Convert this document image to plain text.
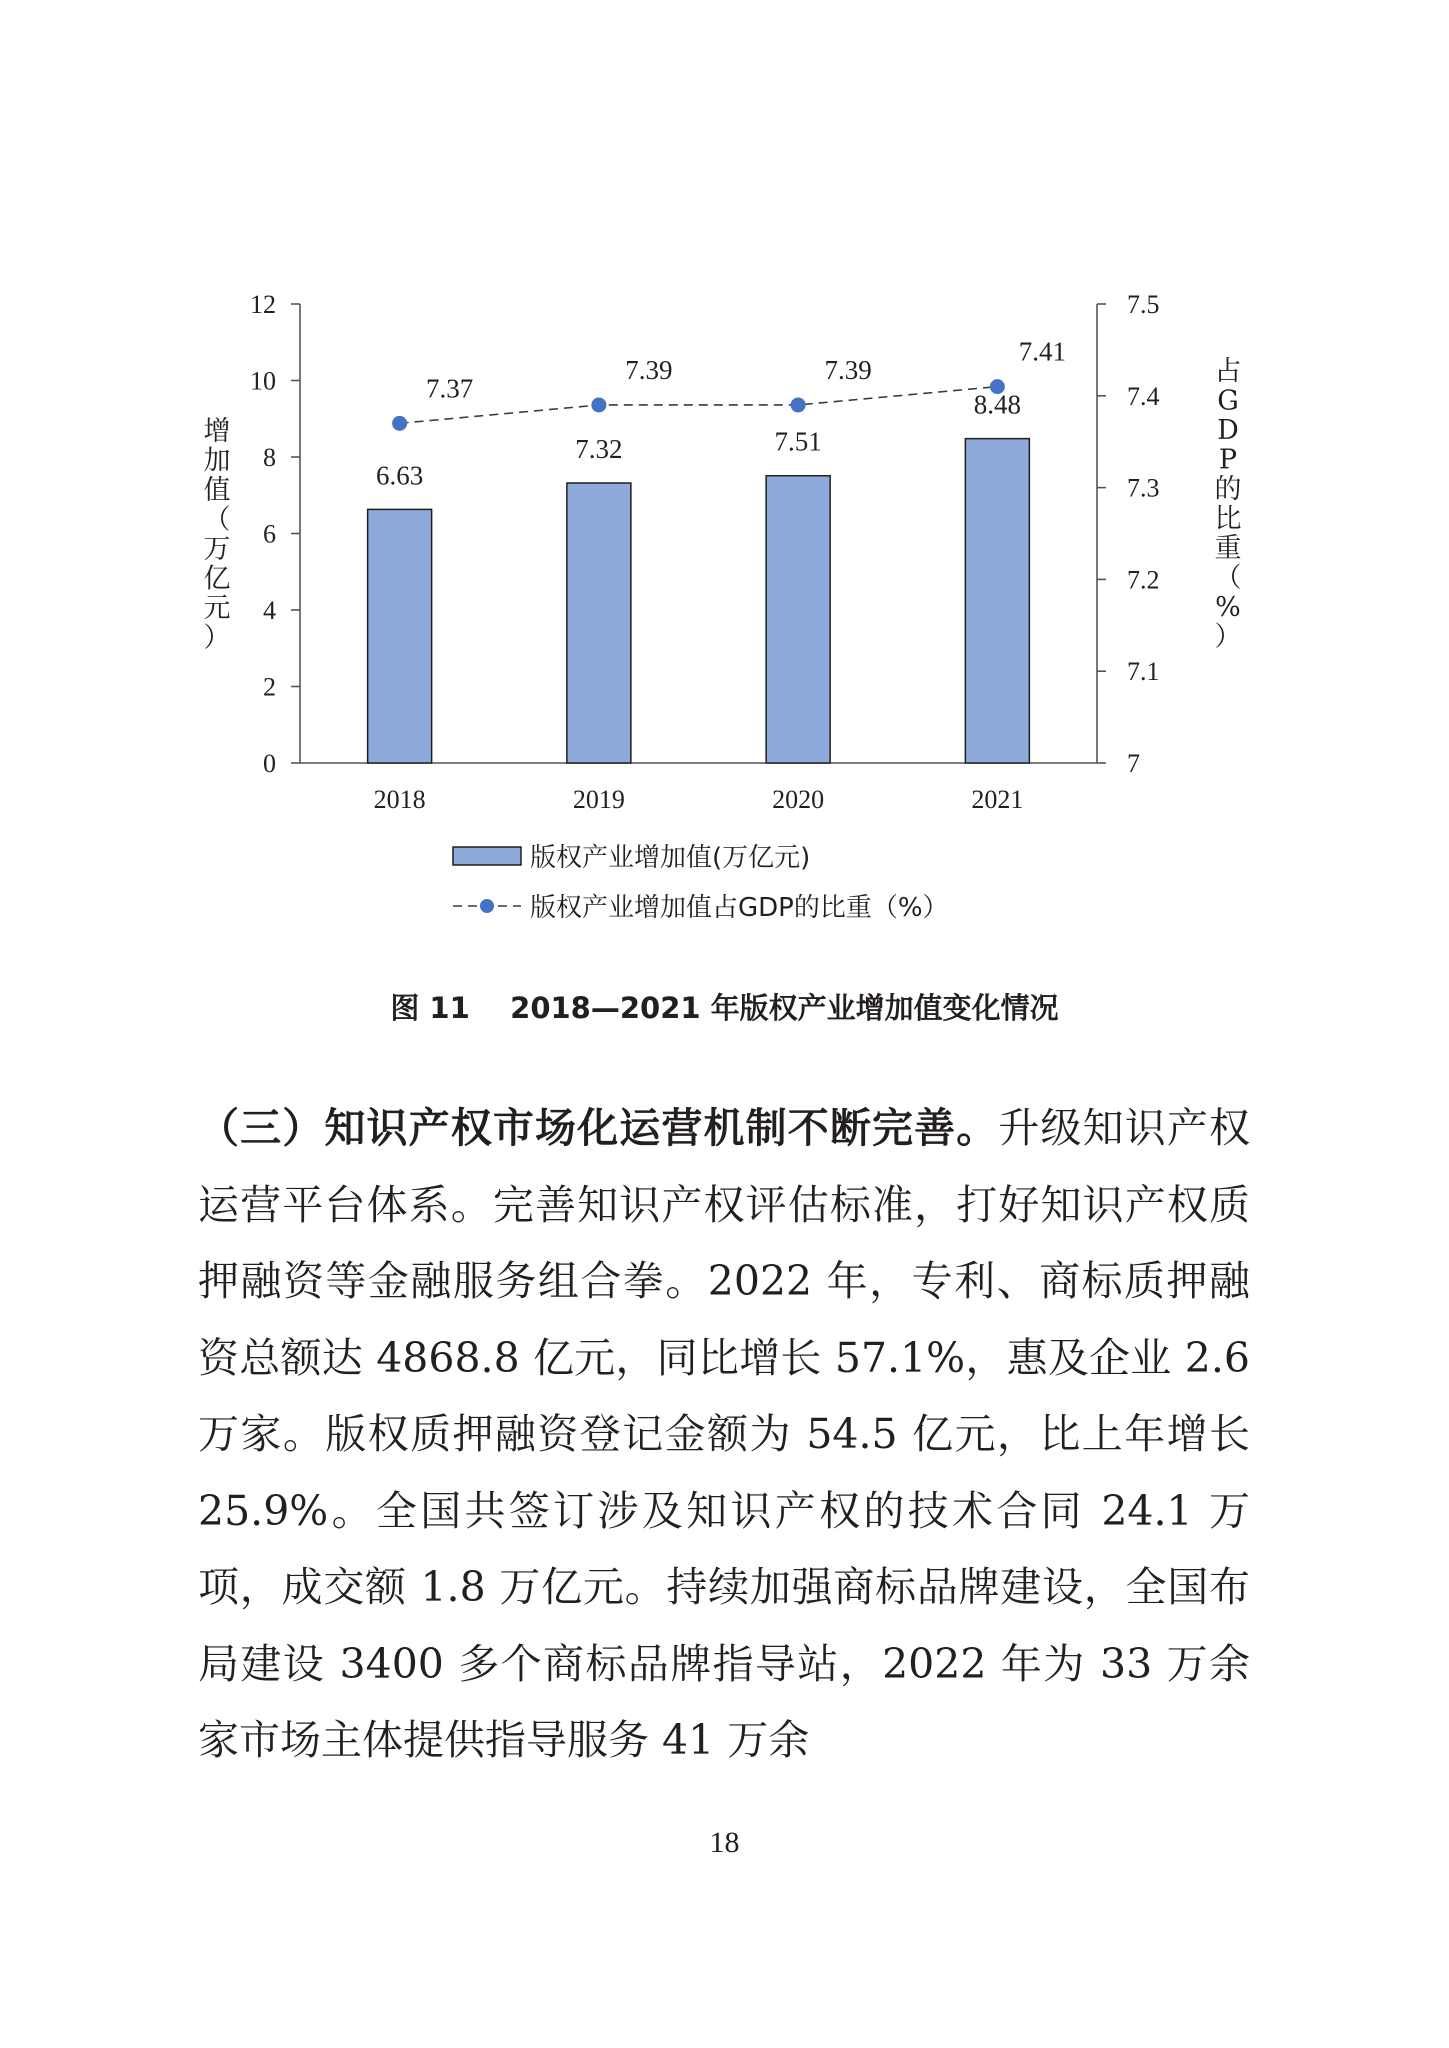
0
2
4
6
8
10
12
7
7.1
7.2
7.3
7.4
7.5
2018	2019	2020	2021
增加值（万亿元）
占 G D P 的比重（%）
6.63
7.32	7.51
8.48
7.37
7.39	7.39
7.41
版权产业增加值(万亿元)
版权产业增加值占GDP的比重（%）
图 11    2018—2021 年版权产业增加值变化情况
（三）知识产权市场化运营机制不断完善。升级知识产权运营平台体系。完善知识产权评估标准，打好知识产权质押融资等金融服务组合拳。2022 年，专利、商标质押融资总额达 4868.8 亿元，同比增长 57.1%，惠及企业 2.6 万家。版权质押融资登记金额为 54.5 亿元，比上年增长 25.9%。全国共签订涉及知识产权的技术合同 24.1 万项，成交额 1.8 万亿元。持续加强商标品牌建设，全国布局建设 3400 多个商标品牌指导站，2022 年为 33 万余家市场主体提供指导服务 41 万余
18
